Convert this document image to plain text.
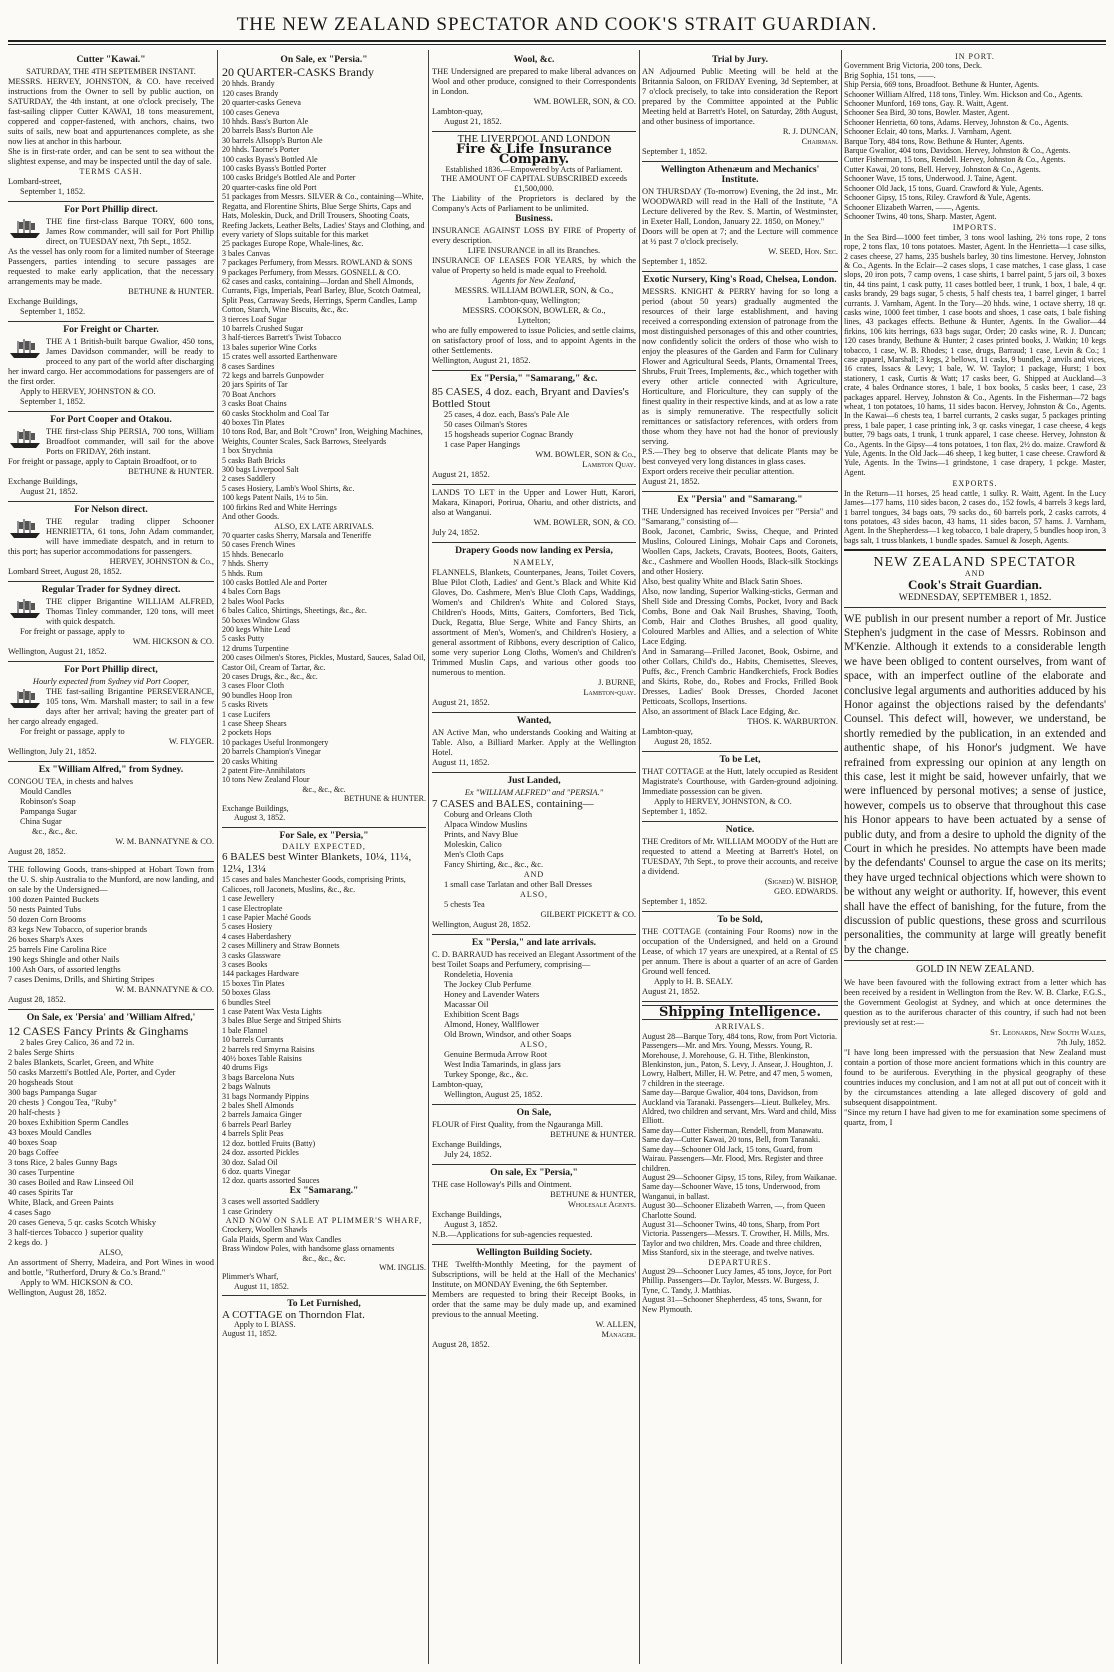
THE NEW ZEALAND SPECTATOR AND COOK'S STRAIT GUARDIAN.
Cutter "Kawai."
SATURDAY, THE 4TH SEPTEMBER INSTANT.

MESSRS. HERVEY, JOHNSTON, & CO. have received instructions from the Owner to sell by public auction, on SATURDAY, the 4th instant, at one o'clock precisely, The fast-sailing clipper Cutter KAWAI, 18 tons measurement, coppered and copper-fastened, with anchors, chains, two suits of sails, new boat and appurtenances complete, as she now lies at anchor in this harbour.

She is in first-rate order, and can be sent to sea without the slightest expense, and may be inspected until the day of sale.

TERMS CASH.
Lombard-street,
September 1, 1852.
For Port Phillip direct.

THE fine first-class Barque TORY, 600 tons, James Row commander, will sail for Port Phillip direct, on TUESDAY next, 7th Sept., 1852.

As the vessel has only room for a limited number of Steerage Passengers, parties intending to secure passages are requested to make early application, that the necessary arrangements may be made.

BETHUNE & HUNTER.
Exchange Buildings,
September 1, 1852.
For Freight or Charter.

THE A 1 British-built barque Gwalior, 450 tons, James Davidson commander, will be ready to proceed to any part of the world after discharging her inward cargo. Her accommodations for passengers are of the first order.

Apply to HERVEY, JOHNSTON & CO.
September 1, 1852.
For Port Cooper and Otakou.

THE first-class Ship PERSIA, 700 tons, William Broadfoot commander, will sail for the above Ports on FRIDAY, 26th instant.

For freight or passage, apply to Captain Broadfoot, or to

BETHUNE & HUNTER.
Exchange Buildings,
August 21, 1852.
For Nelson direct.

THE regular trading clipper Schooner HENRIETTA, 61 tons, John Adam commander, will have immediate despatch, and in return to this port; has superior accommodations for passengers.

HERVEY, JOHNSTON & Co.,
Lombard Street, August 28, 1852.
Regular Trader for Sydney direct.

THE clipper Brigantine WILLIAM ALFRED, Thomas Tinley commander, 120 tons, will meet with quick despatch.

For freight or passage, apply to

WM. HICKSON & CO.
Wellington, August 21, 1852.
For Port Phillip direct,
Hourly expected from Sydney vid Port Cooper,

THE fast-sailing Brigantine PERSEVERANCE, 105 tons, Wm. Marshall master; to sail in a few days after her arrival; having the greater part of her cargo already engaged.

For freight or passage, apply to

W. FLYGER.
Wellington, July 21, 1852.
Ex "William Alfred," from Sydney.

CONGOU TEA, in chests and halves

Mould Candles
Robinson's Soap
Pampanga Sugar
China Sugar
&c., &c., &c.
W. M. BANNATYNE & CO.
August 28, 1852.

THE following Goods, trans-shipped at Hobart Town from the U. S. ship Australia to the Munford, are now landing, and on sale by the Undersigned—

100 dozen Painted Buckets
50 nests Painted Tubs
50 dozen Corn Brooms
83 kegs New Tobacco, of superior brands
26 boxes Sharp's Axes
25 barrels Fine Carolina Rice
190 kegs Shingle and other Nails
100 Ash Oars, of assorted lengths
7 cases Denims, Drills, and Shirting Stripes
W. M. BANNATYNE & CO.
August 28, 1852.
On Sale, ex 'Persia' and 'William Alfred,'
12 CASES Fancy Prints & Ginghams
2 bales Grey Calico, 36 and 72 in.
2 bales Serge Shirts
2 bales Blankets, Scarlet, Green, and White
50 casks Marzetti's Bottled Ale, Porter, and Cyder
20 hogsheads Stout
300 bags Pampanga Sugar
20 chests } Congou Tea, "Ruby"
20 half-chests }
20 boxes Exhibition Sperm Candles
43 boxes Mould Candles
40 boxes Soap
20 bags Coffee
3 tons Rice, 2 bales Gunny Bags
30 cases Turpentine
30 cases Boiled and Raw Linseed Oil
40 cases Spirits Tar
White, Black, and Green Paints
4 cases Sago
20 cases Geneva, 5 qr. casks Scotch Whisky
3 half-tierces Tobacco } superior quality
2 kegs do. }
ALSO,

An assortment of Sherry, Madeira, and Port Wines in wood and bottle, "Rutherford, Drury & Co.'s Brand."

Apply to WM. HICKSON & CO.
Wellington, August 28, 1852.
On Sale, ex "Persia."
20 QUARTER-CASKS Brandy
20 hhds. Brandy
120 cases Brandy
20 quarter-casks Geneva
100 cases Geneva
10 hhds. Bass's Burton Ale
20 barrels Bass's Burton Ale
30 barrels Allsopp's Burton Ale
20 hhds. Taorne's Porter
100 casks Byass's Bottled Ale
100 casks Byass's Bottled Porter
100 casks Bridge's Bottled Ale and Porter
20 quarter-casks fine old Port
51 packages from Messrs. SILVER & Co., containing—White, Regatta, and Florentine Shirts, Blue Serge Shirts, Caps and Hats, Moleskin, Duck, and Drill Trousers, Shooting Coats, Reefing Jackets, Leather Belts, Ladies' Stays and Clothing, and every variety of Slops suitable for this market
25 packages Europe Rope, Whale-lines, &c.
3 bales Canvas
7 packages Perfumery, from Messrs. ROWLAND & SONS
9 packages Perfumery, from Messrs. GOSNELL & CO.
62 cases and casks, containing—Jordan and Shell Almonds, Currants, Figs, Imperials, Pearl Barley, Blue, Scotch Oatmeal, Split Peas, Carraway Seeds, Herrings, Sperm Candles, Lamp Cotton, Starch, Wine Biscuits, &c., &c.
3 tierces Loaf Sugar
10 barrels Crushed Sugar
3 half-tierces Barrett's Twist Tobacco
13 bales superior Wine Corks
15 crates well assorted Earthenware
8 cases Sardines
72 kegs and barrels Gunpowder
20 jars Spirits of Tar
70 Boat Anchors
3 casks Boat Chains
60 casks Stockholm and Coal Tar
40 boxes Tin Plates
10 tons Rod, Bar, and Bolt "Crown" Iron, Weighing Machines, Weights, Counter Scales, Sack Barrows, Steelyards
1 box Strychnia
5 casks Bath Bricks
300 bags Liverpool Salt
2 cases Saddlery
5 cases Hosiery, Lamb's Wool Shirts, &c.
100 kegs Patent Nails, 1½ to 5in.
100 firkins Red and White Herrings
And other Goods.
ALSO, EX LATE ARRIVALS.
70 quarter casks Sherry, Marsala and Teneriffe
50 cases French Wines
15 hhds. Benecarlo
7 hhds. Sherry
5 hhds. Rum
100 casks Bottled Ale and Porter
4 bales Corn Bags
2 bales Wool Packs
6 bales Calico, Shirtings, Sheetings, &c., &c.
50 boxes Window Glass
200 kegs White Lead
5 casks Putty
12 drums Turpentine
200 cases Oilmen's Stores, Pickles, Mustard, Sauces, Salad Oil, Castor Oil, Cream of Tartar, &c.
20 cases Drugs, &c., &c., &c.
3 cases Floor Cloth
90 bundles Hoop Iron
5 casks Rivets
1 case Lucifers
1 case Sheep Shears
2 pockets Hops
10 packages Useful Ironmongery
20 barrels Champion's Vinegar
20 casks Whiting
2 patent Fire-Annihilators
10 tons New Zealand Flour
&c., &c., &c.
BETHUNE & HUNTER.
Exchange Buildings,
August 3, 1852.
For Sale, ex "Persia,"
DAILY EXPECTED,
6 BALES best Winter Blankets, 10¼, 11¼, 12¼, 13¼
15 cases and bales Manchester Goods, comprising Prints, Calicoes, roll Jaconets, Muslins, &c., &c.
1 case Jewellery
1 case Electroplate
1 case Papier Maché Goods
5 cases Hosiery
4 cases Haberdashery
2 cases Millinery and Straw Bonnets
3 casks Glassware
3 cases Books
144 packages Hardware
15 boxes Tin Plates
50 boxes Glass
6 bundles Steel
1 case Patent Wax Vesta Lights
3 bales Blue Serge and Striped Shirts
1 bale Flannel
10 barrels Currants
2 barrels red Smyrna Raisins
40½ boxes Table Raisins
40 drums Figs
3 bags Barcelona Nuts
2 bags Walnuts
31 bags Normandy Pippins
2 bales Shell Almonds
2 barrels Jamaica Ginger
6 barrels Pearl Barley
4 barrels Split Peas
12 doz. bottled Fruits (Batty)
24 doz. assorted Pickles
30 doz. Salad Oil
6 doz. quarts Vinegar
12 doz. quarts assorted Sauces
Ex "Samarang."
3 cases well assorted Saddlery
1 case Grindery
AND NOW ON SALE AT PLIMMER'S WHARF,
Crockery, Woollen Shawls
Gala Plaids, Sperm and Wax Candles
Brass Window Poles, with handsome glass ornaments
&c., &c., &c.
WM. INGLIS.
Plimmer's Wharf,
August 11, 1852.
To Let Furnished,
A COTTAGE on Thorndon Flat.
Apply to I. BIASS.
August 11, 1852.
Wool, &c.

THE Undersigned are prepared to make liberal advances on Wool and other produce, consigned to their Correspondents in London.

WM. BOWLER, SON, & CO.
Lambton-quay,
August 21, 1852.
THE LIVERPOOL AND LONDON
Fire & Life Insurance Company.
Established 1836.—Empowered by Acts of Parliament.
THE AMOUNT OF CAPITAL SUBSCRIBED exceeds £1,500,000.

The Liability of the Proprietors is declared by the Company's Acts of Parliament to be unlimited.

Business.

INSURANCE AGAINST LOSS BY FIRE of Property of every description.

LIFE INSURANCE in all its Branches.

INSURANCE OF LEASES FOR YEARS, by which the value of Property so held is made equal to Freehold.

Agents for New Zealand,
MESSRS. WILLIAM BOWLER, SON, & Co.,
Lambton-quay, Wellington;
MESSRS. COOKSON, BOWLER, & Co.,
Lyttelton;

who are fully empowered to issue Policies, and settle claims, on satisfactory proof of loss, and to appoint Agents in the other Settlements.

Wellington, August 21, 1852.
Ex "Persia," "Samarang," &c.
85 CASES, 4 doz. each, Bryant and Davies's Bottled Stout
25 cases, 4 doz. each, Bass's Pale Ale
50 cases Oilman's Stores
15 hogsheads superior Cognac Brandy
1 case Paper Hangings
WM. BOWLER, SON & Co.,
Lambton Quay.
August 21, 1852.

LANDS TO LET in the Upper and Lower Hutt, Karori, Makara, Kinapori, Porirua, Ohariu, and other districts, and also at Wanganui.

WM. BOWLER, SON, & CO.
July 24, 1852.
Drapery Goods now landing ex Persia,
NAMELY,

FLANNELS, Blankets, Counterpanes, Jeans, Toilet Covers, Blue Pilot Cloth, Ladies' and Gent.'s Black and White Kid Gloves, Do. Cashmere, Men's Blue Cloth Caps, Waddings, Women's and Children's White and Colored Stays, Children's Hoods, Mitts, Gaiters, Comforters, Bed Tick, Duck, Regatta, Blue Serge, White and Fancy Shirts, an assortment of Men's, Women's, and Children's Hosiery, a general assortment of Ribbons, every description of Calico, some very superior Long Cloths, Women's and Children's Trimmed Muslin Caps, and various other goods too numerous to mention.

J. BURNE,
Lambton-quay.
August 21, 1852.
Wanted,

AN Active Man, who understands Cooking and Waiting at Table. Also, a Billiard Marker. Apply at the Wellington Hotel.

August 11, 1852.
Just Landed,
Ex "WILLIAM ALFRED" and "PERSIA."
7 CASES and BALES, containing—
Coburg and Orleans Cloth
Alpaca Window Muslins
Prints, and Navy Blue
Moleskin, Calico
Men's Cloth Caps
Fancy Shirting, &c., &c., &c.
AND
1 small case Tarlatan and other Ball Dresses
ALSO,
5 chests Tea
GILBERT PICKETT & CO.
Wellington, August 28, 1852.
Ex "Persia," and late arrivals.

C. D. BARRAUD has received an Elegant Assortment of the best Toilet Soaps and Perfumery, comprising—

Rondeletia, Hovenia
The Jockey Club Perfume
Honey and Lavender Waters
Macassar Oil
Exhibition Scent Bags
Almond, Honey, Wallflower
Old Brown, Windsor, and other Soaps
ALSO,
Genuine Bermuda Arrow Root
West India Tamarinds, in glass jars
Turkey Sponge, &c., &c.
Lambton-quay,
Wellington, August 25, 1852.
On Sale,

FLOUR of First Quality, from the Ngauranga Mill.

BETHUNE & HUNTER.
Exchange Buildings,
July 24, 1852.
On sale, Ex "Persia,"

THE case Holloway's Pills and Ointment.

BETHUNE & HUNTER,
Wholesale Agents.
Exchange Buildings,
August 3, 1852.
N.B.—Applications for sub-agencies requested.
Wellington Building Society.

THE Twelfth-Monthly Meeting, for the payment of Subscriptions, will be held at the Hall of the Mechanics' Institute, on MONDAY Evening, the 6th September.

Members are requested to bring their Receipt Books, in order that the same may be duly made up, and examined previous to the annual Meeting.

W. ALLEN,
Manager.
August 28, 1852.
Trial by Jury.

AN Adjourned Public Meeting will be held at the Britannia Saloon, on FRIDAY Evening, 3d September, at 7 o'clock precisely, to take into consideration the Report prepared by the Committee appointed at the Public Meeting held at Barrett's Hotel, on Saturday, 28th August, and other business of importance.

R. J. DUNCAN,
Chairman.
September 1, 1852.
Wellington Athenæum and Mechanics' Institute.

ON THURSDAY (To-morrow) Evening, the 2d inst., Mr. WOODWARD will read in the Hall of the Institute, "A Lecture delivered by the Rev. S. Martin, of Westminster, in Exeter Hall, London, January 22. 1850, on Money."

Doors will be open at 7; and the Lecture will commence at ½ past 7 o'clock precisely.

W. SEED, Hon. Sec.
September 1, 1852.
Exotic Nursery, King's Road, Chelsea, London.

MESSRS. KNIGHT & PERRY having for so long a period (about 50 years) gradually augmented the resources of their large establishment, and having received a corresponding extension of patronage from the most distinguished personages of this and other countries, now confidently solicit the orders of those who wish to enjoy the pleasures of the Garden and Farm for Culinary Flower and Agricultural Seeds, Plants, Ornamental Trees, Shrubs, Fruit Trees, Implements, &c., which together with every other article connected with Agriculture, Horticulture, and Floriculture, they can supply of the finest quality in their respective kinds, and at as low a rate as is simply remunerative. The respectfully solicit remittances or satisfactory references, with orders from those whom they have not had the honor of previously serving.

P.S.—They beg to observe that delicate Plants may be best conveyed very long distances in glass cases.

Export orders receive their peculiar attention.

August 21, 1852.
Ex "Persia" and "Samarang."

THE Undersigned has received Invoices per "Persia" and "Samarang," consisting of—

Book, Jaconet, Cambric, Swiss, Cheque, and Printed Muslins, Coloured Linings, Mohair Caps and Coronets, Woollen Caps, Jackets, Cravats, Bootees, Boots, Gaiters, &c., Cashmere and Woollen Hoods, Black-silk Stockings and other Hosiery.

Also, best quality White and Black Satin Shoes.

Also, now landing, Superior Walking-sticks, German and Shell Side and Dressing Combs, Pocket, Ivory and Back Combs, Bone and Oak Nail Brushes, Shaving, Tooth, Comb, Hair and Clothes Brushes, all good quality, Coloured Marbles and Allies, and a selection of White Lace Edging.

And in Samarang—Frilled Jaconet, Book, Osbirne, and other Collars, Child's do., Habits, Chemisettes, Sleeves, Puffs, &c., French Cambric Handkerchiefs, Frock Bodies and Skirts, Robe, do., Robes and Frocks, Frilled Book Dresses, Ladies' Book Dresses, Chorded Jaconet Petticoats, Scollops, Insertions.

Also, an assortment of Black Lace Edging, &c.

THOS. K. WARBURTON.
Lambton-quay,
August 28, 1852.
To be Let,

THAT COTTAGE at the Hutt, lately occupied as Resident Magistrate's Courthouse, with Garden-ground adjoining. Immediate possession can be given.

Apply to HERVEY, JOHNSTON, & CO.
September 1, 1852.
Notice.

THE Creditors of Mr. WILLIAM MOODY of the Hutt are requested to attend a Meeting at Barrett's Hotel, on TUESDAY, 7th Sept., to prove their accounts, and receive a dividend.

(Signed) W. BISHOP,
GEO. EDWARDS.
September 1, 1852.
To be Sold,

THE COTTAGE (containing Four Rooms) now in the occupation of the Undersigned, and held on a Ground Lease, of which 17 years are unexpired, at a Rental of £5 per annum. There is about a quarter of an acre of Garden Ground well fenced.

Apply to H. B. SEALY.
August 21, 1852.
Shipping Intelligence.
ARRIVALS.
August 28—Barque Tory, 484 tons, Row, from Port Victoria. Passengers—Mr. and Mrs. Young, Messrs. Young, R. Morehouse, J. Morehouse, G. H. Tithe, Blenkinston, Blenkinston, jun., Paton, S. Levy, J. Ansear, J. Houghton, J. Lowry, Halbert, Miller, H. W. Petre, and 47 men, 5 women, 7 children in the steerage.
Same day—Barque Gwalior, 404 tons, Davidson, from Auckland via Taranaki. Passengers—Lieut. Bulkeley, Mrs. Aldred, two children and servant, Mrs. Ward and child, Miss Elliott.
Same day—Cutter Fisherman, Rendell, from Manawatu.
Same day—Cutter Kawai, 20 tons, Bell, from Taranaki.
Same day—Schooner Old Jack, 15 tons, Guard, from Wairau. Passengers—Mr. Flood, Mrs. Register and three children.
August 29—Schooner Gipsy, 15 tons, Riley, from Waikanae.
Same day—Schooner Wave, 15 tons, Underwood, from Wanganui, in ballast.
August 30—Schooner Elizabeth Warren, —, from Queen Charlotte Sound.
August 31—Schooner Twins, 40 tons, Sharp, from Port Victoria. Passengers—Messrs. T. Crowther, H. Mills, Mrs. Taylor and two children, Mrs. Coade and three children, Miss Stanford, six in the steerage, and twelve natives.
DEPARTURES.
August 29—Schooner Lucy James, 45 tons, Joyce, for Port Phillip. Passengers—Dr. Taylor, Messrs. W. Burgess, J. Tyne, C. Tandy, J. Matthias.
August 31—Schooner Shepherdess, 45 tons, Swann, for New Plymouth.
IN PORT.
Government Brig Victoria, 200 tons, Deck.
Brig Sophia, 151 tons, ——.
Ship Persia, 669 tons, Broadfoot. Bethune & Hunter, Agents.
Schooner William Alfred, 118 tons, Tinley. Wm. Hickson and Co., Agents.
Schooner Munford, 169 tons, Gay. R. Waitt, Agent.
Schooner Sea Bird, 30 tons, Bowler. Master, Agent.
Schooner Henrietta, 60 tons, Adams. Hervey, Johnston & Co., Agents.
Schooner Eclair, 40 tons, Marks. J. Varnham, Agent.
Barque Tory, 484 tons, Row. Bethune & Hunter, Agents.
Barque Gwalior, 404 tons, Davidson. Hervey, Johnston & Co., Agents.
Cutter Fisherman, 15 tons, Rendell. Hervey, Johnston & Co., Agents.
Cutter Kawai, 20 tons, Bell. Hervey, Johnston & Co., Agents.
Schooner Wave, 15 tons, Underwood. J. Taine, Agent.
Schooner Old Jack, 15 tons, Guard. Crawford & Yule, Agents.
Schooner Gipsy, 15 tons, Riley. Crawford & Yule, Agents.
Schooner Elizabeth Warren, ——, Agents.
Schooner Twins, 40 tons, Sharp. Master, Agent.
IMPORTS.

In the Sea Bird—1000 feet timber, 3 tons wool lashing, 2½ tons rope, 2 tons rope, 2 tons flax, 10 tons potatoes. Master, Agent. In the Henrietta—1 case silks, 2 cases cheese, 27 hams, 235 bushels barley, 30 tins limestone. Hervey, Johnston & Co., Agents. In the Eclair—2 cases slops, 1 case matches, 1 case glass, 1 case slops, 20 iron pots, 7 camp ovens, 1 case shirts, 1 barrel paint, 5 jars oil, 3 boxes tin, 44 tins paint, 1 cask putty, 11 cases bottled beer, 1 trunk, 1 box, 1 bale, 4 qr. casks brandy, 29 bags sugar, 5 chests, 5 half chests tea, 1 barrel ginger, 1 barrel currants. J. Varnham, Agent. In the Tory—20 hhds. wine, 1 octave sherry, 18 qr. casks wine, 1000 feet timber, 1 case boots and shoes, 1 case oats, 1 bale fishing lines, 43 packages effects. Bethune & Hunter, Agents. In the Gwalior—44 firkins, 106 kits herrings, 633 bags sugar, Order; 20 casks wine, R. J. Duncan; 120 cases brandy, Bethune & Hunter; 2 cases printed books, J. Watkin; 10 kegs tobacco, 1 case, W. B. Rhodes; 1 case, drugs, Barraud; 1 case, Levin & Co.; 1 case apparel, Marshall; 3 kegs, 2 bellows, 11 casks, 9 bundles, 2 anvils and vices, 16 crates, Issacs & Levy; 1 bale, W. W. Taylor; 1 package, Hurst; 1 box stationery, 1 cask, Curtis & Watt; 17 casks beer, G. Shipped at Auckland—3 crate, 4 bales Ordnance stores, 1 bale, 1 box books, 5 casks beer, 1 case, 23 packages apparel. Hervey, Johnston & Co., Agents. In the Fisherman—72 bags wheat, 1 ton potatoes, 10 hams, 11 sides bacon. Hervey, Johnston & Co., Agents. In the Kawai—6 chests tea, 1 barrel currants, 2 casks sugar, 5 packages printing press, 1 bale paper, 1 case printing ink, 3 qr. casks vinegar, 1 case cheese, 4 kegs butter, 79 bags oats, 1 trunk, 1 trunk apparel, 1 case cheese. Hervey, Johnston & Co., Agents. In the Gipsy—4 tons potatoes, 1 ton flax, 2½ do. maize. Crawford & Yule, Agents. In the Old Jack—46 sheep, 1 keg butter, 1 case cheese. Crawford & Yule, Agents. In the Twins—1 grindstone, 1 case drapery, 1 pckge. Master, Agent.

EXPORTS.

In the Return—11 horses, 25 head cattle, 1 sulky. R. Waitt, Agent. In the Lucy James—177 hams, 110 sides bacon, 2 cases do., 152 fowls, 4 barrels 3 kegs lard, 1 barrel tongues, 34 bags oats, 79 sacks do., 60 barrels pork, 2 casks carrots, 4 tons potatoes, 43 sides bacon, 43 hams, 11 sides bacon, 57 hams. J. Varnham, Agent. In the Shepherdess—1 keg tobacco, 1 bale drapery, 5 bundles hoop iron, 3 bags salt, 1 truss blankets, 1 bundle spades. Samuel & Joseph, Agents.

NEW ZEALAND SPECTATOR
AND
Cook's Strait Guardian.
WEDNESDAY, SEPTEMBER 1, 1852.

WE publish in our present number a report of Mr. Justice Stephen's judgment in the case of Messrs. Robinson and M'Kenzie. Although it extends to a considerable length we have been obliged to content ourselves, from want of space, with an imperfect outline of the elaborate and conclusive legal arguments and authorities adduced by his Honor against the objections raised by the defendants' Counsel. This defect will, however, we understand, be shortly remedied by the publication, in an extended and authentic shape, of his Honor's judgment. We have refrained from expressing our opinion at any length on this case, lest it might be said, however unfairly, that we were influenced by personal motives; a sense of justice, however, compels us to observe that throughout this case his Honor appears to have been actuated by a sense of public duty, and from a desire to uphold the dignity of the Court in which he presides. No attempts have been made by the defendants' Counsel to argue the case on its merits; they have urged technical objections which were shown to be without any weight or authority. If, however, this event shall have the effect of banishing, for the future, from the discussion of public questions, these gross and scurrilous personalities, the community at large will greatly benefit by the change.

GOLD IN NEW ZEALAND.

We have been favoured with the following extract from a letter which has been received by a resident in Wellington from the Rev. W. B. Clarke, F.G.S., the Government Geologist at Sydney, and which at once determines the question as to the auriferous character of this country, if such had not been previously set at rest:—

St. Leonards, New South Wales,
7th July, 1852.

"I have long been impressed with the persuasion that New Zealand must contain a portion of those more ancient formations which in this country are found to be auriferous. Everything in the physical geography of these countries induces my conclusion, and I am not at all put out of conceit with it by the circumstances attending a late alleged discovery of gold and subsequent disappointment.

"Since my return I have had given to me for examination some specimens of quartz, from, I
